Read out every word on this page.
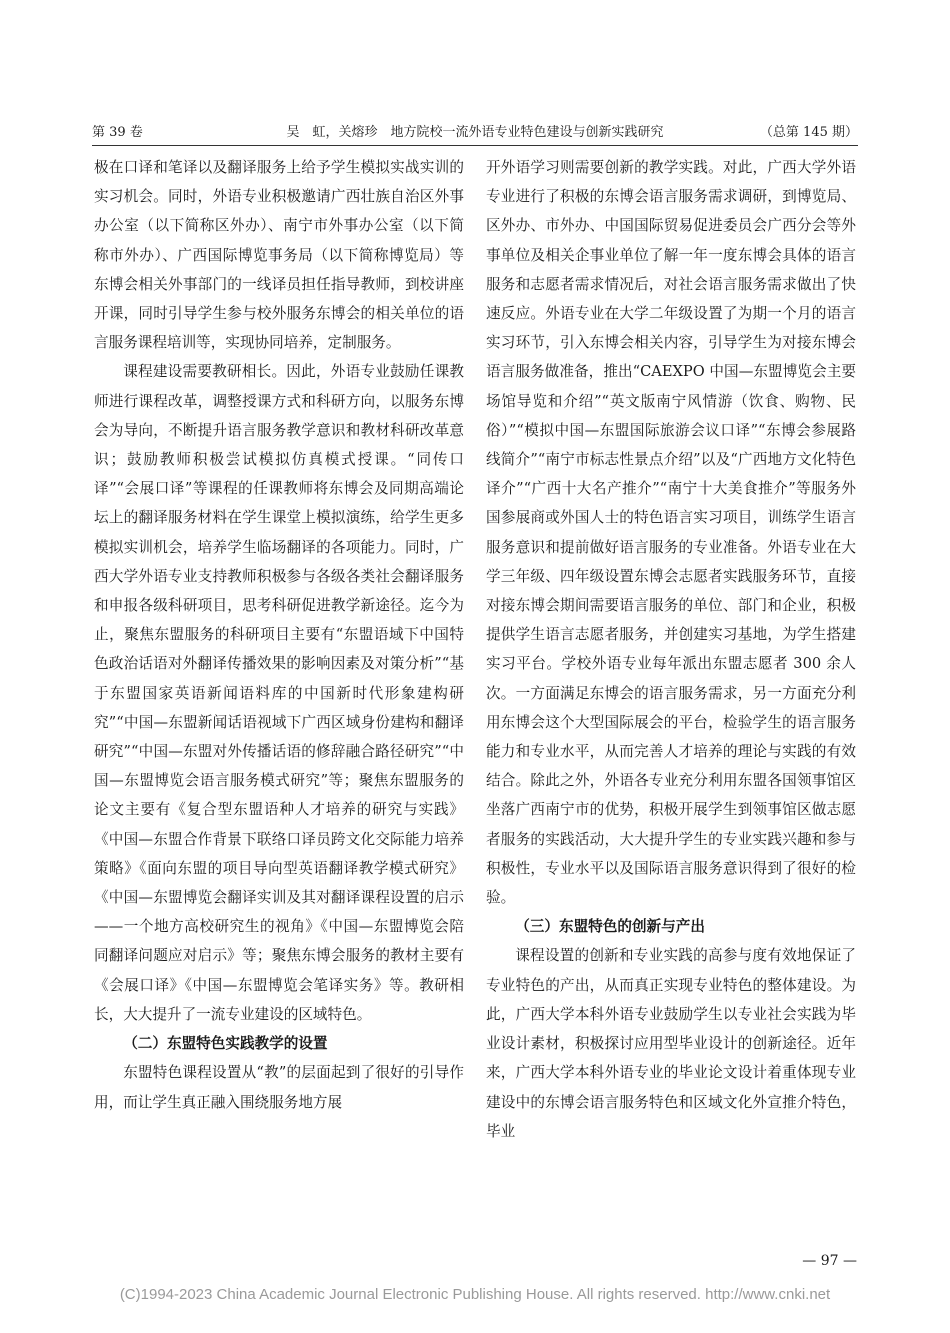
第 39 卷	吴　虹，关熔珍　地方院校一流外语专业特色建设与创新实践研究	（总第 145 期）

极在口译和笔译以及翻译服务上给予学生模拟实战实训的实习机会。同时，外语专业积极邀请广西壮族自治区外事办公室（以下简称区外办）、南宁市外事办公室（以下简称市外办）、广西国际博览事务局（以下简称博览局）等东博会相关外事部门的一线译员担任指导教师，到校讲座开课，同时引导学生参与校外服务东博会的相关单位的语言服务课程培训等，实现协同培养，定制服务。

课程建设需要教研相长。因此，外语专业鼓励任课教师进行课程改革，调整授课方式和科研方向，以服务东博会为导向，不断提升语言服务教学意识和教材科研改革意识；鼓励教师积极尝试模拟仿真模式授课。“同传口译”“会展口译”等课程的任课教师将东博会及同期高端论坛上的翻译服务材料在学生课堂上模拟演练，给学生更多模拟实训机会，培养学生临场翻译的各项能力。同时，广西大学外语专业支持教师积极参与各级各类社会翻译服务和申报各级科研项目，思考科研促进教学新途径。迄今为止，聚焦东盟服务的科研项目主要有“东盟语域下中国特色政治话语对外翻译传播效果的影响因素及对策分析”“基于东盟国家英语新闻语料库的中国新时代形象建构研究”“中国—东盟新闻话语视域下广西区域身份建构和翻译研究”“中国—东盟对外传播话语的修辞融合路径研究”“中国—东盟博览会语言服务模式研究”等；聚焦东盟服务的论文主要有《复合型东盟语种人才培养的研究与实践》《中国—东盟合作背景下联络口译员跨文化交际能力培养策略》《面向东盟的项目导向型英语翻译教学模式研究》《中国—东盟博览会翻译实训及其对翻译课程设置的启示——一个地方高校研究生的视角》《中国—东盟博览会陪同翻译问题应对启示》等；聚焦东博会服务的教材主要有《会展口译》《中国—东盟博览会笔译实务》等。教研相长，大大提升了一流专业建设的区域特色。

（二）东盟特色实践教学的设置

东盟特色课程设置从“教”的层面起到了很好的引导作用，而让学生真正融入围绕服务地方展

开外语学习则需要创新的教学实践。对此，广西大学外语专业进行了积极的东博会语言服务需求调研，到博览局、区外办、市外办、中国国际贸易促进委员会广西分会等外事单位及相关企事业单位了解一年一度东博会具体的语言服务和志愿者需求情况后，对社会语言服务需求做出了快速反应。外语专业在大学二年级设置了为期一个月的语言实习环节，引入东博会相关内容，引导学生为对接东博会语言服务做准备，推出“CAEXPO 中国—东盟博览会主要场馆导览和介绍”“英文版南宁风情游（饮食、购物、民俗）”“模拟中国—东盟国际旅游会议口译”“东博会参展路线简介”“南宁市标志性景点介绍”以及“广西地方文化特色译介”“广西十大名产推介”“南宁十大美食推介”等服务外国参展商或外国人士的特色语言实习项目，训练学生语言服务意识和提前做好语言服务的专业准备。外语专业在大学三年级、四年级设置东博会志愿者实践服务环节，直接对接东博会期间需要语言服务的单位、部门和企业，积极提供学生语言志愿者服务，并创建实习基地，为学生搭建实习平台。学校外语专业每年派出东盟志愿者 300 余人次。一方面满足东博会的语言服务需求，另一方面充分利用东博会这个大型国际展会的平台，检验学生的语言服务能力和专业水平，从而完善人才培养的理论与实践的有效结合。除此之外，外语各专业充分利用东盟各国领事馆区坐落广西南宁市的优势，积极开展学生到领事馆区做志愿者服务的实践活动，大大提升学生的专业实践兴趣和参与积极性，专业水平以及国际语言服务意识得到了很好的检验。

（三）东盟特色的创新与产出

课程设置的创新和专业实践的高参与度有效地保证了专业特色的产出，从而真正实现专业特色的整体建设。为此，广西大学本科外语专业鼓励学生以专业社会实践为毕业设计素材，积极探讨应用型毕业设计的创新途径。近年来，广西大学本科外语专业的毕业论文设计着重体现专业建设中的东博会语言服务特色和区域文化外宣推介特色，毕业

— 97 —
(C)1994-2023 China Academic Journal Electronic Publishing House. All rights reserved. http://www.cnki.net
